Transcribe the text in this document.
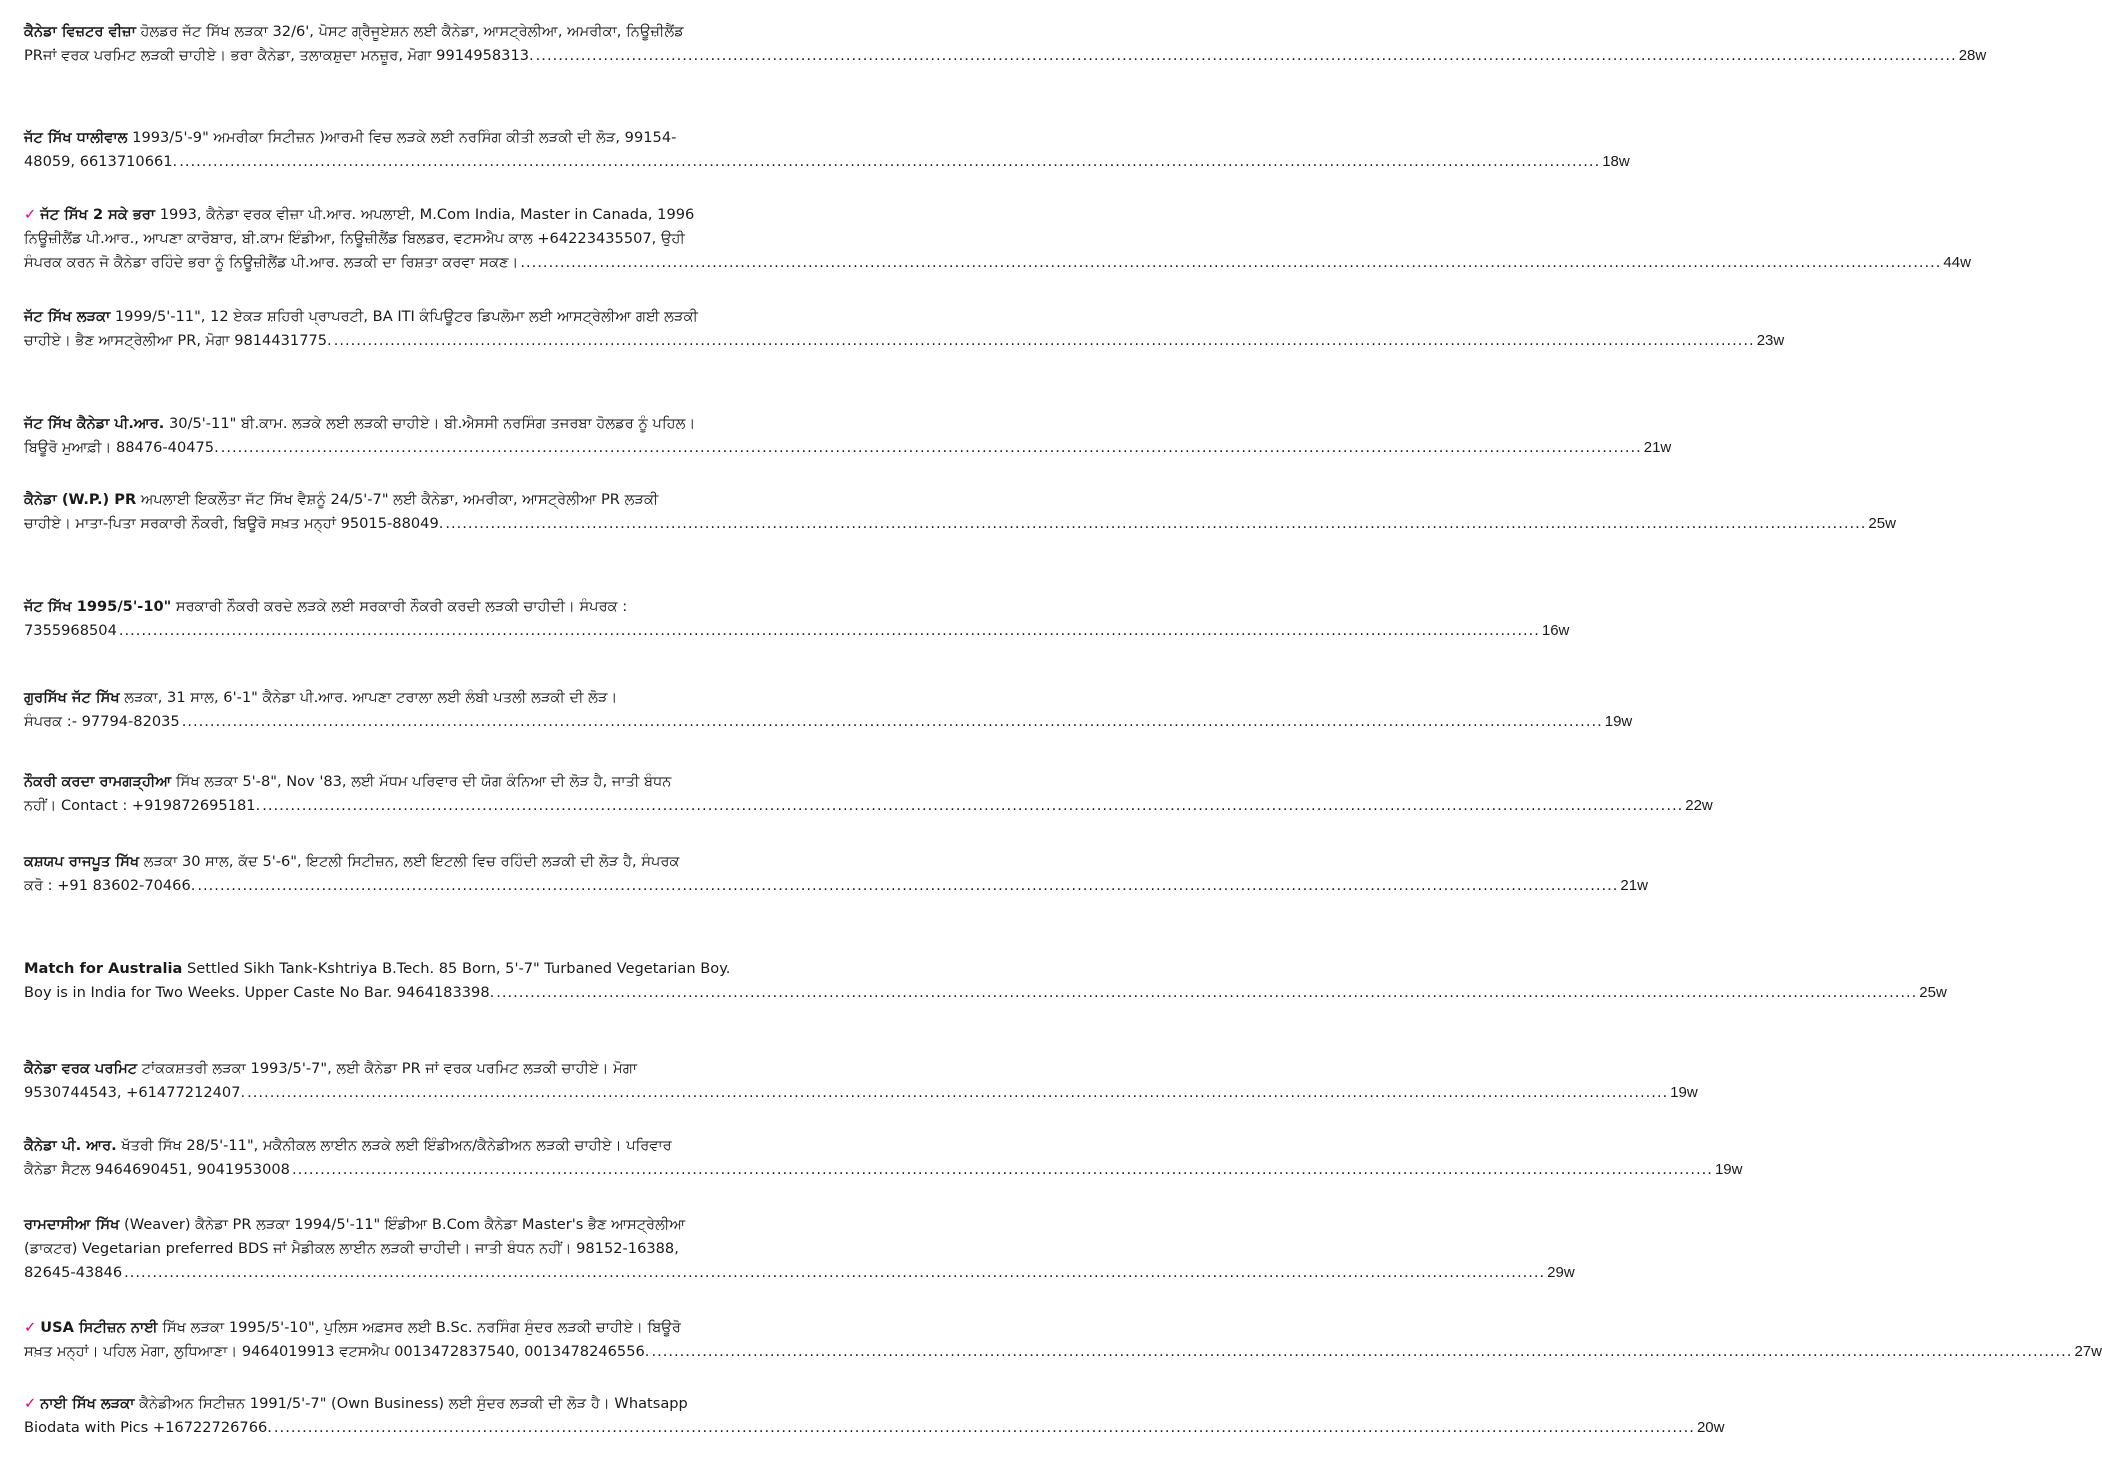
ਕੈਨੇਡਾ ਵਿਜ਼ਟਰ ਵੀਜ਼ਾ ਹੋਲਡਰ ਜੱਟ ਸਿੱਖ ਲੜਕਾ 32/6', ਪੋਸਟ ਗ੍ਰੈਜੂਏਸ਼ਨ ਲਈ ਕੈਨੇਡਾ, ਆਸਟ੍ਰੇਲੀਆ, ਅਮਰੀਕਾ, ਨਿਊਜ਼ੀਲੈਂਡ
PRਜਾਂ ਵਰਕ ਪਰਮਿਟ ਲੜਕੀ ਚਾਹੀਏ। ਭਰਾ ਕੈਨੇਡਾ, ਤਲਾਕਸ਼ੁਦਾ ਮਨਜ਼ੂਰ, ਮੋਗਾ 9914958313. .....	28w
ਜੱਟ ਸਿੱਖ ਧਾਲੀਵਾਲ 1993/5'-9" ਅਮਰੀਕਾ ਸਿਟੀਜ਼ਨ )ਆਰਮੀ ਵਿਚ ਲੜਕੇ ਲਈ ਨਰਸਿੰਗ ਕੀਤੀ ਲੜਕੀ ਦੀ ਲੋੜ, 99154-
48059, 6613710661. .....	18w
✓ ਜੱਟ ਸਿੱਖ 2 ਸਕੇ ਭਰਾ 1993, ਕੈਨੇਡਾ ਵਰਕ ਵੀਜ਼ਾ ਪੀ.ਆਰ. ਅਪਲਾਈ, M.Com India, Master in Canada, 1996
ਨਿਊਜ਼ੀਲੈਂਡ ਪੀ.ਆਰ., ਆਪਣਾ ਕਾਰੋਬਾਰ, ਬੀ.ਕਾਮ ਇੰਡੀਆ, ਨਿਊਜ਼ੀਲੈਂਡ ਬਿਲਡਰ, ਵਟਸਐਪ ਕਾਲ +64223435507, ਉਹੀ
ਸੰਪਰਕ ਕਰਨ ਜੋ ਕੈਨੇਡਾ ਰਹਿੰਦੇ ਭਰਾ ਨੂੰ ਨਿਊਜ਼ੀਲੈਂਡ ਪੀ.ਆਰ. ਲੜਕੀ ਦਾ ਰਿਸ਼ਤਾ ਕਰਵਾ ਸਕਣ। .....	44w
ਜੱਟ ਸਿੱਖ ਲੜਕਾ 1999/5'-11", 12 ਏਕੜ ਸ਼ਹਿਰੀ ਪ੍ਰਾਪਰਟੀ, BA ITI ਕੰਪਿਊਟਰ ਡਿਪਲੋਮਾ ਲਈ ਆਸਟ੍ਰੇਲੀਆ ਗਈ ਲੜਕੀ
ਚਾਹੀਏ। ਭੈਣ ਆਸਟ੍ਰੇਲੀਆ PR, ਮੋਗਾ 9814431775. .....	23w
ਜੱਟ ਸਿੱਖ ਕੈਨੇਡਾ ਪੀ.ਆਰ. 30/5'-11" ਬੀ.ਕਾਮ. ਲੜਕੇ ਲਈ ਲੜਕੀ ਚਾਹੀਏ। ਬੀ.ਐਸਸੀ ਨਰਸਿੰਗ ਤਜਰਬਾ ਹੋਲਡਰ ਨੂੰ ਪਹਿਲ।
ਬਿਊਰੋ ਮੁਆਫ਼ੀ। 88476-40475. .....	21w
ਕੈਨੇਡਾ (W.P.) PR ਅਪਲਾਈ ਇਕਲੌਤਾ ਜੱਟ ਸਿੱਖ ਵੈਸ਼ਨੂੰ 24/5'-7" ਲਈ ਕੈਨੇਡਾ, ਅਮਰੀਕਾ, ਆਸਟ੍ਰੇਲੀਆ PR ਲੜਕੀ
ਚਾਹੀਏ। ਮਾਤਾ-ਪਿਤਾ ਸਰਕਾਰੀ ਨੌਕਰੀ, ਬਿਊਰੋ ਸਖ਼ਤ ਮਨ੍ਹਾਂ 95015-88049. .....	25w
ਜੱਟ ਸਿੱਖ 1995/5'-10" ਸਰਕਾਰੀ ਨੌਕਰੀ ਕਰਦੇ ਲੜਕੇ ਲਈ ਸਰਕਾਰੀ ਨੌਕਰੀ ਕਰਦੀ ਲੜਕੀ ਚਾਹੀਦੀ। ਸੰਪਰਕ :
7355968504 .....	16w
ਗੁਰਸਿੱਖ ਜੱਟ ਸਿੱਖ ਲੜਕਾ, 31 ਸਾਲ, 6'-1" ਕੈਨੇਡਾ ਪੀ.ਆਰ. ਆਪਣਾ ਟਰਾਲਾ ਲਈ ਲੰਬੀ ਪਤਲੀ ਲੜਕੀ ਦੀ ਲੋੜ।
ਸੰਪਰਕ :- 97794-82035 .....	19w
ਨੌਕਰੀ ਕਰਦਾ ਰਾਮਗੜ੍ਹੀਆ ਸਿੱਖ ਲੜਕਾ 5'-8", Nov '83, ਲਈ ਮੱਧਮ ਪਰਿਵਾਰ ਦੀ ਯੋਗ ਕੰਨਿਆ ਦੀ ਲੋੜ ਹੈ, ਜਾਤੀ ਬੰਧਨ
ਨਹੀਂ। Contact : +919872695181. .....	22w
ਕਸ਼ਯਪ ਰਾਜਪੂਤ ਸਿੱਖ ਲੜਕਾ 30 ਸਾਲ, ਕੱਦ 5'-6", ਇਟਲੀ ਸਿਟੀਜ਼ਨ, ਲਈ ਇਟਲੀ ਵਿਚ ਰਹਿੰਦੀ ਲੜਕੀ ਦੀ ਲੋੜ ਹੈ, ਸੰਪਰਕ
ਕਰੋ : +91 83602-70466. .....	21w
Match for Australia Settled Sikh Tank-Kshtriya B.Tech. 85 Born, 5'-7" Turbaned Vegetarian Boy.
Boy is in India for Two Weeks. Upper Caste No Bar. 9464183398. .....	25w
ਕੈਨੇਡਾ ਵਰਕ ਪਰਮਿਟ ਟਾਂਕਕਸ਼ਤਰੀ ਲੜਕਾ 1993/5'-7", ਲਈ ਕੈਨੇਡਾ PR ਜਾਂ ਵਰਕ ਪਰਮਿਟ ਲੜਕੀ ਚਾਹੀਏ। ਮੋਗਾ
9530744543, +61477212407. .....	19w
ਕੈਨੇਡਾ ਪੀ. ਆਰ. ਖੱਤਰੀ ਸਿੱਖ 28/5'-11", ਮਕੈਨੀਕਲ ਲਾਈਨ ਲੜਕੇ ਲਈ ਇੰਡੀਅਨ/ਕੈਨੇਡੀਅਨ ਲੜਕੀ ਚਾਹੀਏ। ਪਰਿਵਾਰ
ਕੈਨੇਡਾ ਸੈਟਲ 9464690451, 9041953008 .....	19w
ਰਾਮਦਾਸੀਆ ਸਿੱਖ (Weaver) ਕੈਨੇਡਾ PR ਲੜਕਾ 1994/5'-11" ਇੰਡੀਆ B.Com ਕੈਨੇਡਾ Master's ਭੈਣ ਆਸਟ੍ਰੇਲੀਆ
(ਡਾਕਟਰ) Vegetarian preferred BDS ਜਾਂ ਮੈਡੀਕਲ ਲਾਈਨ ਲੜਕੀ ਚਾਹੀਦੀ। ਜਾਤੀ ਬੰਧਨ ਨਹੀਂ। 98152-16388,
82645-43846 .....	29w
✓ USA ਸਿਟੀਜ਼ਨ ਨਾਈ ਸਿੱਖ ਲੜਕਾ 1995/5'-10", ਪੁਲਿਸ ਅਫ਼ਸਰ ਲਈ B.Sc. ਨਰਸਿੰਗ ਸੁੰਦਰ ਲੜਕੀ ਚਾਹੀਏ। ਬਿਊਰੋ
ਸਖ਼ਤ ਮਨ੍ਹਾਂ। ਪਹਿਲ ਮੋਗਾ, ਲੁਧਿਆਣਾ। 9464019913 ਵਟਸਐਪ 0013472837540, 0013478246556. .....	27w
✓ ਨਾਈ ਸਿੱਖ ਲੜਕਾ ਕੈਨੇਡੀਅਨ ਸਿਟੀਜ਼ਨ 1991/5'-7" (Own Business) ਲਈ ਸੁੰਦਰ ਲੜਕੀ ਦੀ ਲੋੜ ਹੈ। Whatsapp
Biodata with Pics +16722726766. .....	20w
